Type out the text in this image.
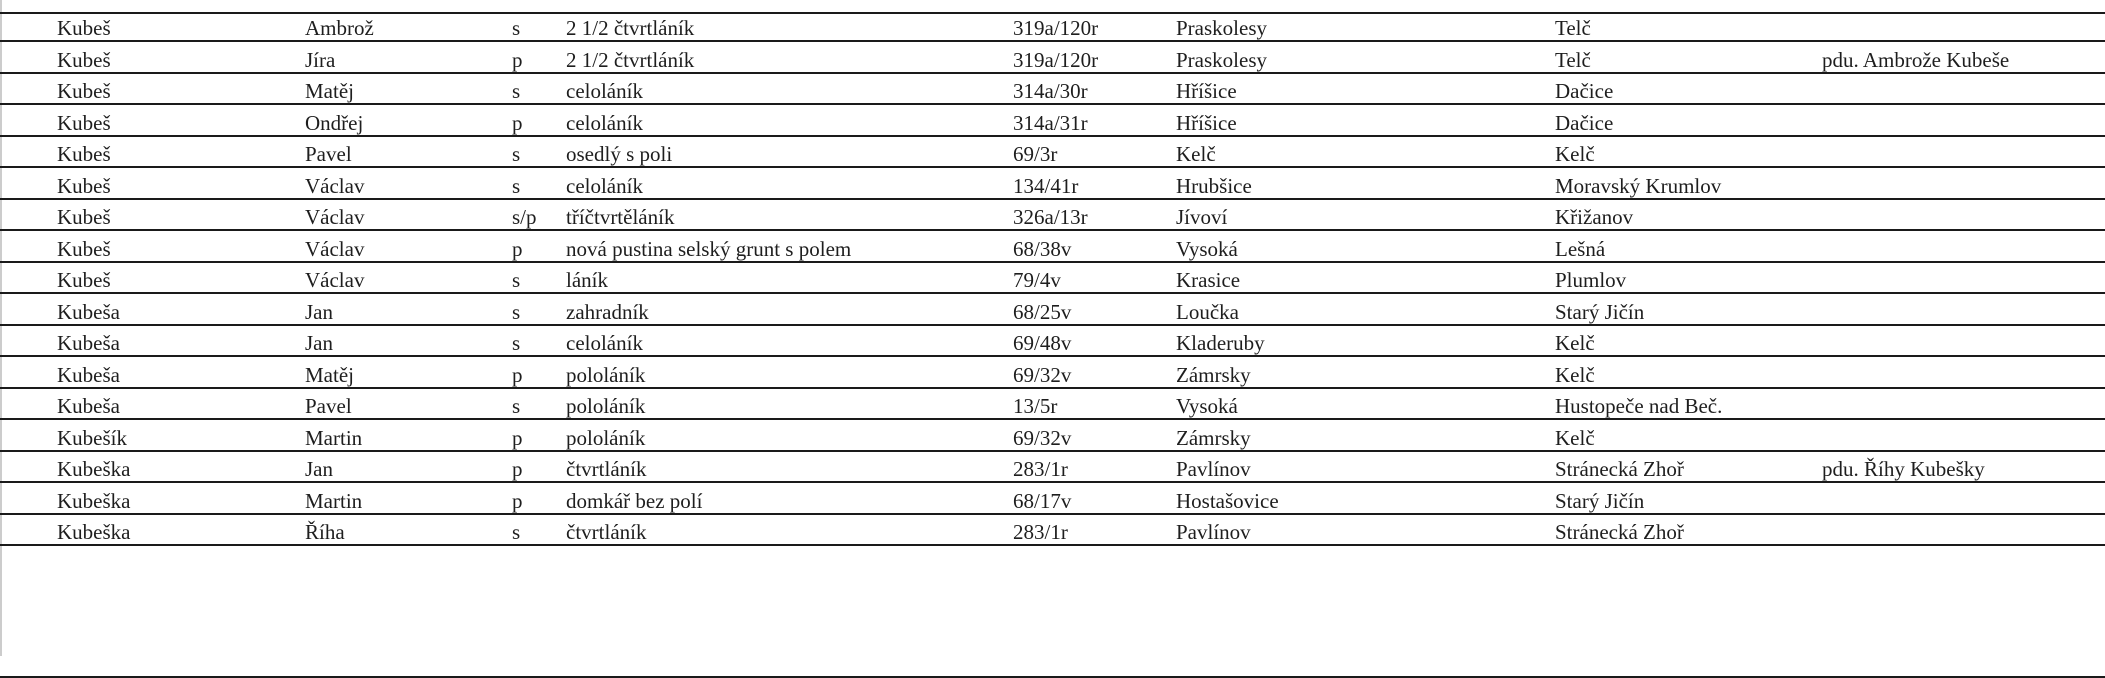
Kubeš	Ambrož	s 2 1/2 čtvrtláník	319a/120r	Praskolesy	Telč
Kubeš	Jíra	p 2 1/2 čtvrtláník	319a/120r	Praskolesy	Telč	pdu. Ambrože Kubeše
Kubeš	Matěj	s celoláník	314a/30r	Hříšice	Dačice
Kubeš	Ondřej	p celoláník	314a/31r	Hříšice	Dačice
Kubeš	Pavel	s osedlý s poli	69/3r	Kelč	Kelč
Kubeš	Václav	s celoláník	134/41r	Hrubšice	Moravský Krumlov
Kubeš	Václav	s/p tříčtvrtěláník	326a/13r	Jívoví	Křižanov
Kubeš	Václav	p nová pustina selský grunt s polem	68/38v	Vysoká	Lešná
Kubeš	Václav	s láník	79/4v	Krasice	Plumlov
Kubeša	Jan	s zahradník	68/25v	Loučka	Starý Jičín
Kubeša	Jan	s celoláník	69/48v	Kladeruby	Kelč
Kubeša	Matěj	p pololáník	69/32v	Zámrsky	Kelč
Kubeša	Pavel	s pololáník	13/5r	Vysoká	Hustopeče nad Beč.
Kubešík	Martin	p pololáník	69/32v	Zámrsky	Kelč
Kubeška	Jan	p čtvrtláník	283/1r	Pavlínov	Stránecká Zhoř	pdu. Říhy Kubešky
Kubeška	Martin	p domkář bez polí	68/17v	Hostašovice	Starý Jičín
Kubeška	Říha	s čtvrtláník	283/1r	Pavlínov	Stránecká Zhoř
